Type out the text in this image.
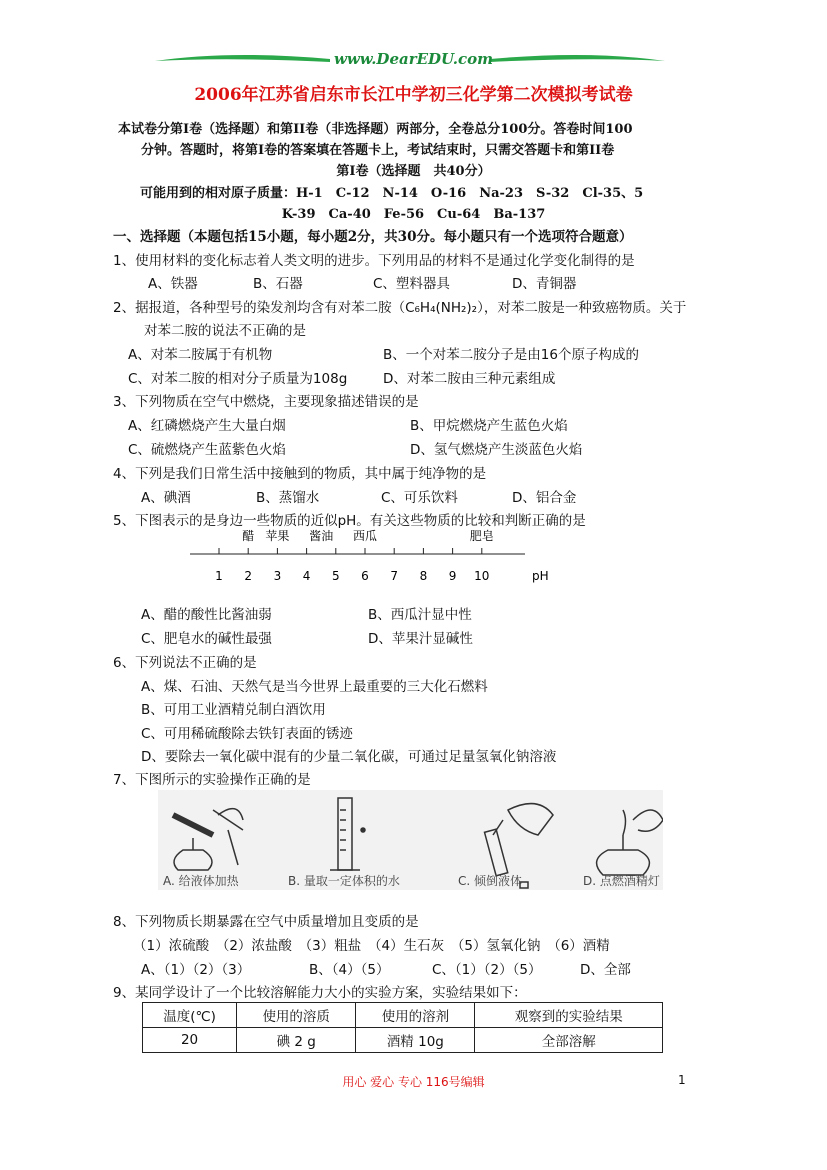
www.DearEDU.com
2006年江苏省启东市长江中学初三化学第二次模拟考试卷
本试卷分第I卷（选择题）和第II卷（非选择题）两部分，全卷总分100分。答卷时间100
分钟。答题时，将第I卷的答案填在答题卡上，考试结束时，只需交答题卡和第II卷
第I卷（选择题　共40分）
可能用到的相对原子质量：H-1　C-12　N-14　O-16　Na-23　S-32　Cl-35、5
K-39　Ca-40　Fe-56　Cu-64　Ba-137
一、选择题（本题包括15小题，每小题2分，共30分。每小题只有一个选项符合题意）
1、使用材料的变化标志着人类文明的进步。下列用品的材料不是通过化学变化制得的是
A、铁器	B、石器	C、塑料器具	D、青铜器
2、据报道，各种型号的染发剂均含有对苯二胺（C₆H₄(NH₂)₂），对苯二胺是一种致癌物质。关于
对苯二胺的说法不正确的是
A、对苯二胺属于有机物	B、一个对苯二胺分子是由16个原子构成的
C、对苯二胺的相对分子质量为108g	D、对苯二胺由三种元素组成
3、下列物质在空气中燃烧，主要现象描述错误的是
A、红磷燃烧产生大量白烟	B、甲烷燃烧产生蓝色火焰
C、硫燃烧产生蓝紫色火焰	D、氢气燃烧产生淡蓝色火焰
4、下列是我们日常生活中接触到的物质，其中属于纯净物的是
A、碘酒	B、蒸馏水	C、可乐饮料	D、铝合金
5、下图表示的是身边一些物质的近似pH。有关这些物质的比较和判断正确的是
1 2 3 4 5 6 7 8 9 10	pH
醋 苹果 酱油 西瓜	肥皂
A、醋的酸性比酱油弱	B、西瓜汁显中性
C、肥皂水的碱性最强	D、苹果汁显碱性
6、下列说法不正确的是
A、煤、石油、天然气是当今世界上最重要的三大化石燃料
B、可用工业酒精兑制白酒饮用
C、可用稀硫酸除去铁钉表面的锈迹
D、要除去一氧化碳中混有的少量二氧化碳，可通过足量氢氧化钠溶液
7、下图所示的实验操作正确的是
A. 给液体加热	B. 量取一定体积的水	C. 倾倒液体	D. 点燃酒精灯
8、下列物质长期暴露在空气中质量增加且变质的是
（1）浓硫酸　（2）浓盐酸　（3）粗盐　（4）生石灰　（5）氢氧化钠　（6）酒精
A、（1）（2）（3）	B、（4）（5）	C、（1）（2）（5）	D、全部
9、某同学设计了一个比较溶解能力大小的实验方案，实验结果如下：
温度(℃)	使用的溶质	使用的溶剂	观察到的实验结果
20	碘 2 g	酒精 10g	全部溶解
用心 爱心 专心 116号编辑	1
